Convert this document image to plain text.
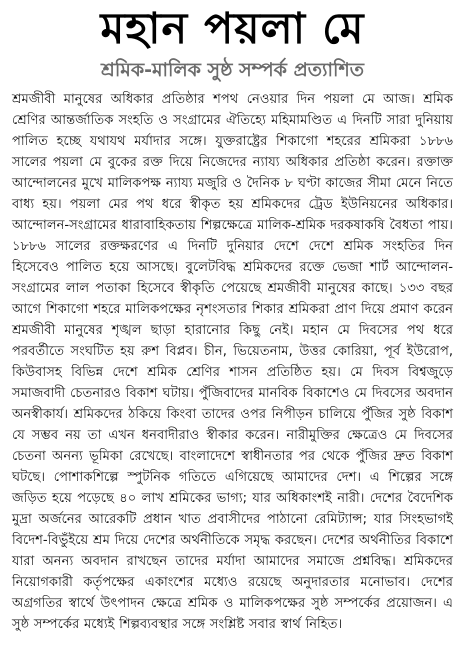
মহান পয়লা মে
শ্রমিক-মালিক সুষ্ঠ সম্পর্ক প্রত্যাশিত

শ্রমজীবী মানুষের অধিকার প্রতিষ্ঠার শপথ নেওয়ার দিন পয়লা মে আজ। শ্রমিক শ্রেণির আন্তর্জাতিক সংহতি ও সংগ্রামের ঐতিহ্যে মহিমামণ্ডিত এ দিনটি সারা দুনিয়ায় পালিত হচ্ছে যথাযথ মর্যাদার সঙ্গে। যুক্তরাষ্ট্রের শিকাগো শহরের শ্রমিকরা ১৮৮৬ সালের পয়লা মে বুকের রক্ত দিয়ে নিজেদের ন্যায্য অধিকার প্রতিষ্ঠা করেন। রক্তাক্ত আন্দোলনের মুখে মালিকপক্ষ ন্যায্য মজুরি ও দৈনিক ৮ ঘণ্টা কাজের সীমা মেনে নিতে বাধ্য হয়। পয়লা মের পথ ধরে স্বীকৃত হয় শ্রমিকদের ট্রেড ইউনিয়নের অধিকার। আন্দোলন-সংগ্রামের ধারাবাহিকতায় শিল্পক্ষেত্রে মালিক-শ্রমিক দরকষাকষি বৈধতা পায়। ১৮৮৬ সালের রক্তক্ষরণের এ দিনটি দুনিয়ার দেশে দেশে শ্রমিক সংহতির দিন হিসেবেও পালিত হয়ে আসছে। বুলেটবিদ্ধ শ্রমিকদের রক্তে ভেজা শার্ট আন্দোলন-সংগ্রামের লাল পতাকা হিসেবে স্বীকৃতি পেয়েছে শ্রমজীবী মানুষের কাছে। ১৩৩ বছর আগে শিকাগো শহরে মালিকপক্ষের নৃশংসতার শিকার শ্রমিকরা প্রাণ দিয়ে প্রমাণ করেন শ্রমজীবী মানুষের শৃঙ্খল ছাড়া হারানোর কিছু নেই। মহান মে দিবসের পথ ধরে পরবর্তীতে সংঘটিত হয় রুশ বিপ্লব। চীন, ভিয়েতনাম, উত্তর কোরিয়া, পূর্ব ইউরোপ, কিউবাসহ বিভিন্ন দেশে শ্রমিক শ্রেণির শাসন প্রতিষ্ঠিত হয়। মে দিবস বিশ্বজুড়ে সমাজবাদী চেতনারও বিকাশ ঘটায়। পুঁজিবাদের মানবিক বিকাশেও মে দিবসের অবদান অনস্বীকার্য। শ্রমিকদের ঠকিয়ে কিংবা তাদের ওপর নিপীড়ন চালিয়ে পুঁজির সুষ্ঠ বিকাশ যে সম্ভব নয় তা এখন ধনবাদীরাও স্বীকার করেন। নারীমুক্তির ক্ষেত্রেও মে দিবসের চেতনা অনন্য ভূমিকা রেখেছে। বাংলাদেশে স্বাধীনতার পর থেকে পুঁজির দ্রুত বিকাশ ঘটছে। পোশাকশিল্পে স্পুটনিক গতিতে এগিয়েছে আমাদের দেশ। এ শিল্পের সঙ্গে জড়িত হয়ে পড়েছে ৪০ লাখ শ্রমিকের ভাগ্য; যার অধিকাংশই নারী। দেশের বৈদেশিক মুদ্রা অর্জনের আরেকটি প্রধান খাত প্রবাসীদের পাঠানো রেমিট্যান্স; যার সিংহভাগই বিদেশ-বিভুঁইয়ে শ্রম দিয়ে দেশের অর্থনীতিকে সমৃদ্ধ করছেন। দেশের অর্থনীতির বিকাশে যারা অনন্য অবদান রাখছেন তাদের মর্যাদা আমাদের সমাজে প্রশ্নবিদ্ধ। শ্রমিকদের নিয়োগকারী কর্তৃপক্ষের একাংশের মধ্যেও রয়েছে অনুদারতার মনোভাব। দেশের অগ্রগতির স্বার্থে উৎপাদন ক্ষেত্রে শ্রমিক ও মালিকপক্ষের সুষ্ঠ সম্পর্কের প্রয়োজন। এ সুষ্ঠ সম্পর্কের মধ্যেই শিল্পব্যবস্থার সঙ্গে সংশ্লিষ্ট সবার স্বার্থ নিহিত।
